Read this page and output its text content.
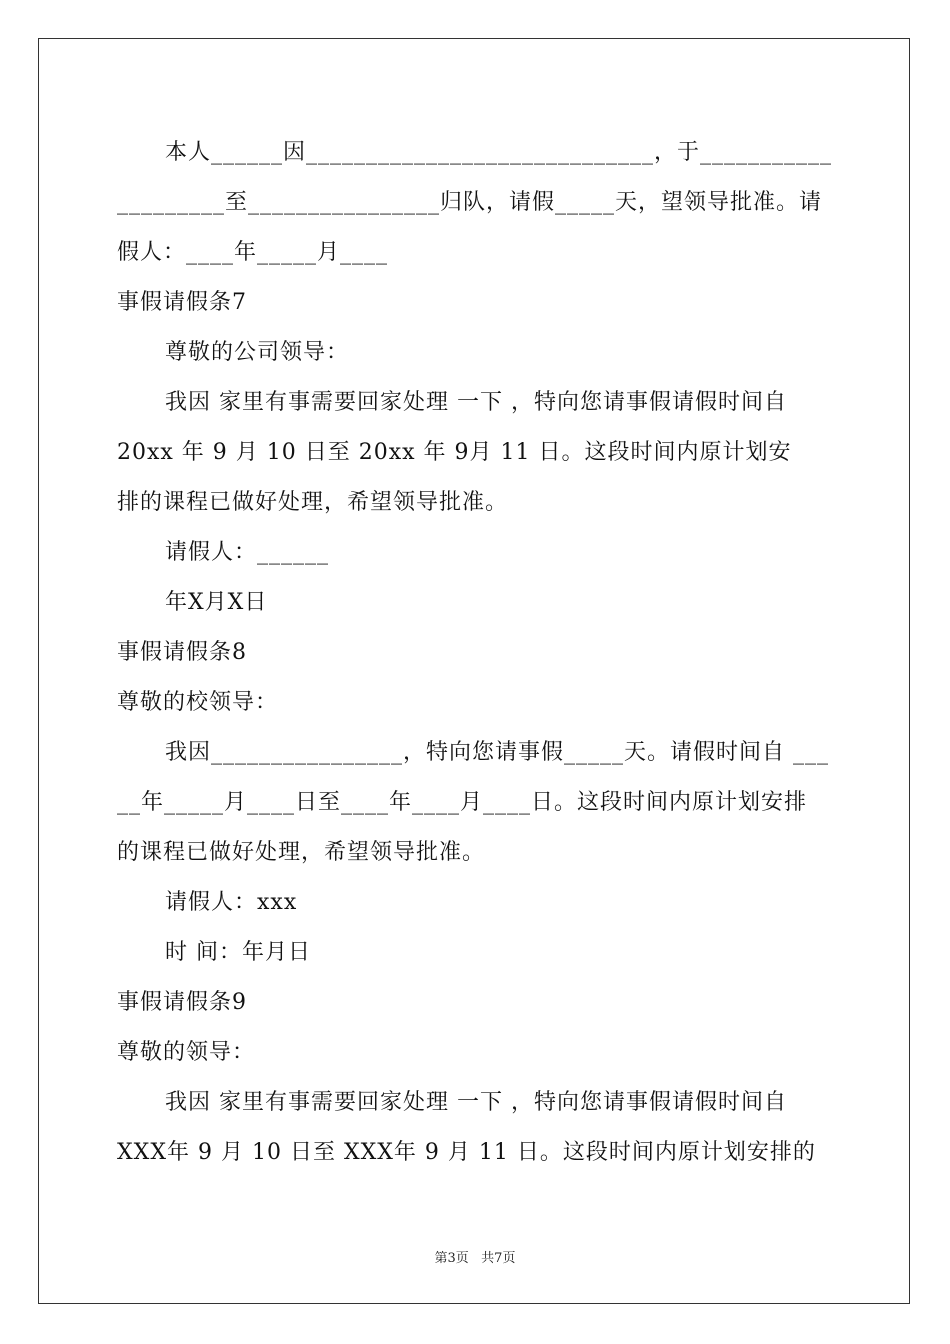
本人______因_____________________________，于___________
_________至________________归队，请假_____天，望领导批准。请
假人：____年_____月____
事假请假条7
尊敬的公司领导：
我因 家里有事需要回家处理 一下 ，特向您请事假请假时间自
20xx 年 9 月 10 日至 20xx 年 9月 11 日。这段时间内原计划安
排的课程已做好处理，希望领导批准。
请假人：______
年X月X日
事假请假条8
尊敬的校领导：
我因________________，特向您请事假_____天。请假时间自 ___
__年_____月____日至____年____月____日。这段时间内原计划安排
的课程已做好处理，希望领导批准。
请假人：xxx
时 间：年月日
事假请假条9
尊敬的领导：
我因 家里有事需要回家处理 一下 ，特向您请事假请假时间自
XXX年 9 月 10 日至 XXX年 9 月 11 日。这段时间内原计划安排的
第3页   共7页
